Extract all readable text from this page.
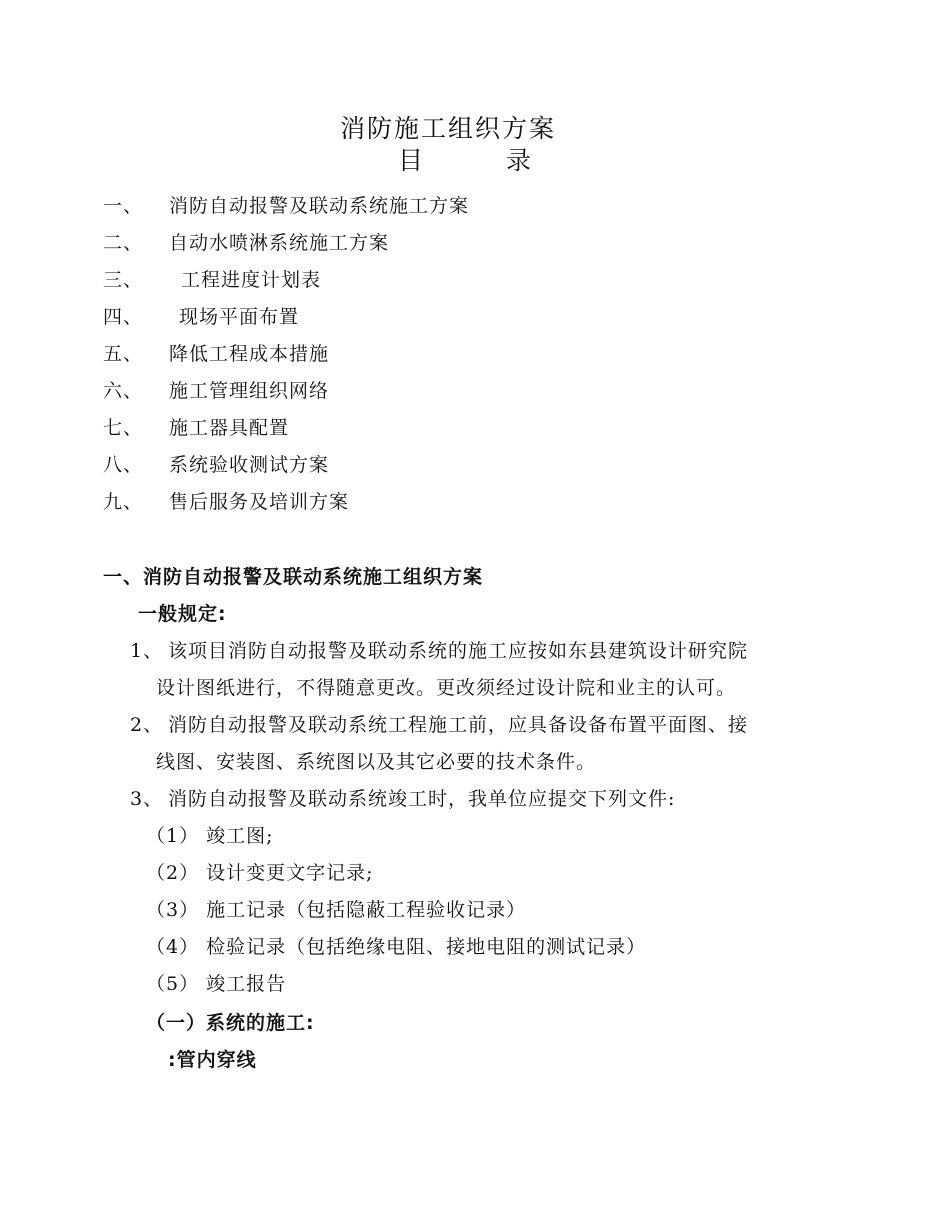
消防施工组织方案
目　　　录
一、 消防自动报警及联动系统施工方案
二、 自动水喷淋系统施工方案
三、 工程进度计划表
四、 现场平面布置
五、 降低工程成本措施
六、 施工管理组织网络
七、 施工器具配置
八、 系统验收测试方案
九、 售后服务及培训方案
一、消防自动报警及联动系统施工组织方案
一般规定:
1、 该项目消防自动报警及联动系统的施工应按如东县建筑设计研究院
设计图纸进行，不得随意更改。更改须经过设计院和业主的认可。
2、 消防自动报警及联动系统工程施工前，应具备设备布置平面图、接
线图、安装图、系统图以及其它必要的技术条件。
3、 消防自动报警及联动系统竣工时，我单位应提交下列文件:
（1） 竣工图;
（2） 设计变更文字记录;
（3） 施工记录（包括隐蔽工程验收记录）
（4） 检验记录（包括绝缘电阻、接地电阻的测试记录）
（5） 竣工报告
（一）系统的施工:
:管内穿线
